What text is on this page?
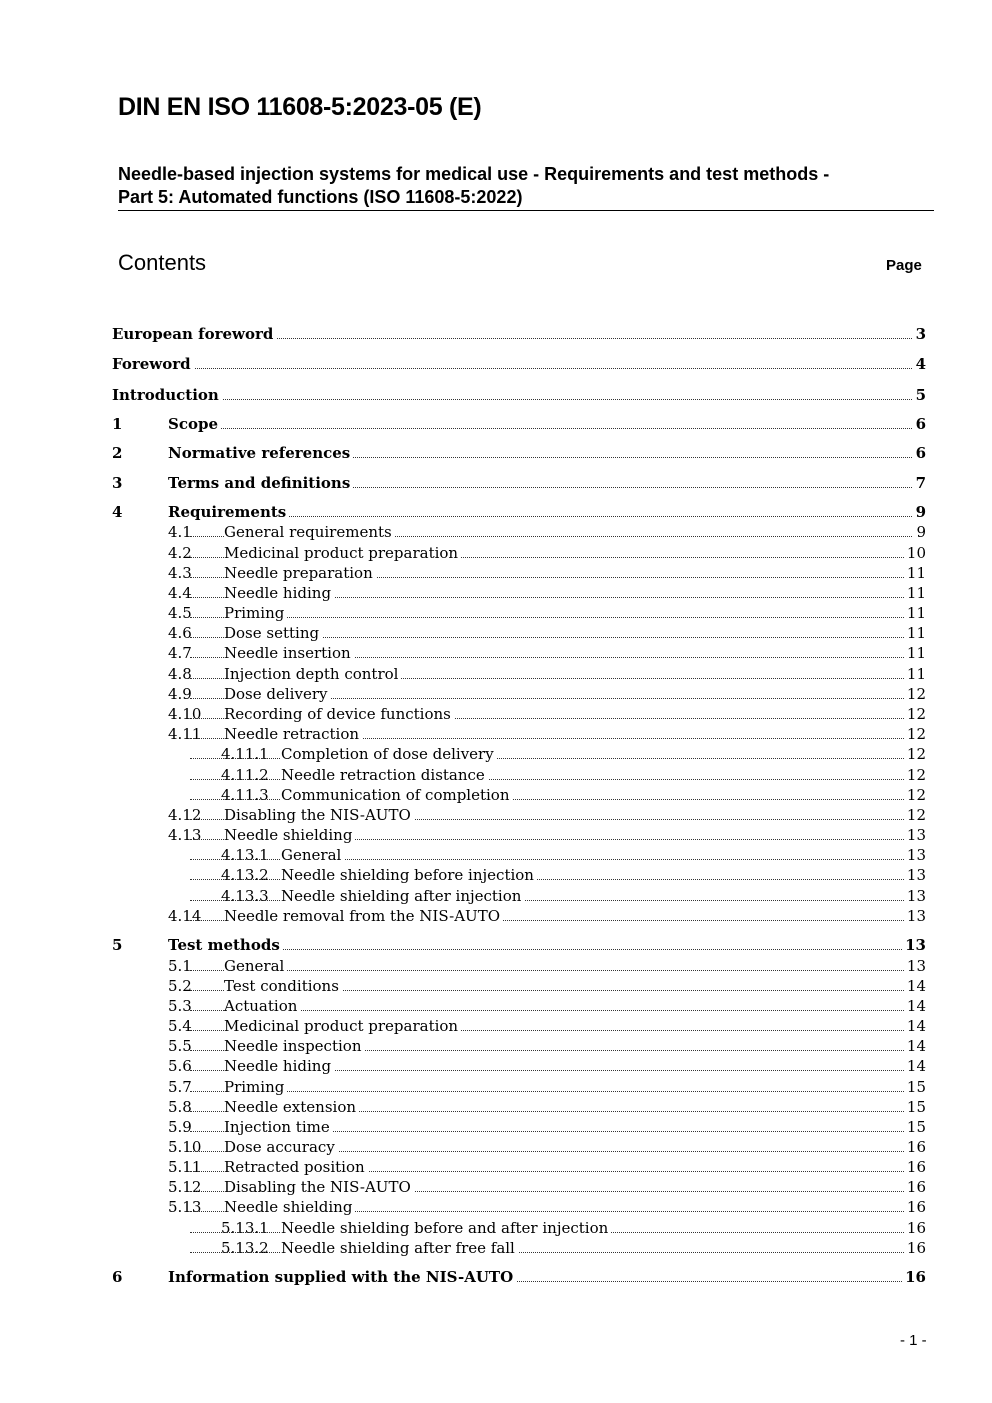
DIN EN ISO 11608-5:2023-05 (E)
Needle-based injection systems for medical use - Requirements and test methods -
Part 5: Automated functions (ISO 11608-5:2022)
Contents	Page
European foreword	3
Foreword	4
Introduction	5
1	Scope	6
2	Normative references	6
3	Terms and definitions	7
4	Requirements	9
4.1 General requirements	9
4.2 Medicinal product preparation	10
4.3 Needle preparation	11
4.4 Needle hiding	11
4.5 Priming	11
4.6 Dose setting	11
4.7 Needle insertion	11
4.8 Injection depth control	11
4.9 Dose delivery	12
4.10 Recording of device functions	12
4.11 Needle retraction	12
4.11.1 Completion of dose delivery	12
4.11.2 Needle retraction distance	12
4.11.3 Communication of completion	12
4.12 Disabling the NIS-AUTO	12
4.13 Needle shielding	13
4.13.1 General	13
4.13.2 Needle shielding before injection	13
4.13.3 Needle shielding after injection	13
4.14 Needle removal from the NIS-AUTO	13
5	Test methods	13
5.1 General	13
5.2 Test conditions	14
5.3 Actuation	14
5.4 Medicinal product preparation	14
5.5 Needle inspection	14
5.6 Needle hiding	14
5.7 Priming	15
5.8 Needle extension	15
5.9 Injection time	15
5.10 Dose accuracy	16
5.11 Retracted position	16
5.12 Disabling the NIS-AUTO	16
5.13 Needle shielding	16
5.13.1 Needle shielding before and after injection	16
5.13.2 Needle shielding after free fall	16
6	Information supplied with the NIS-AUTO	16
- 1 -
